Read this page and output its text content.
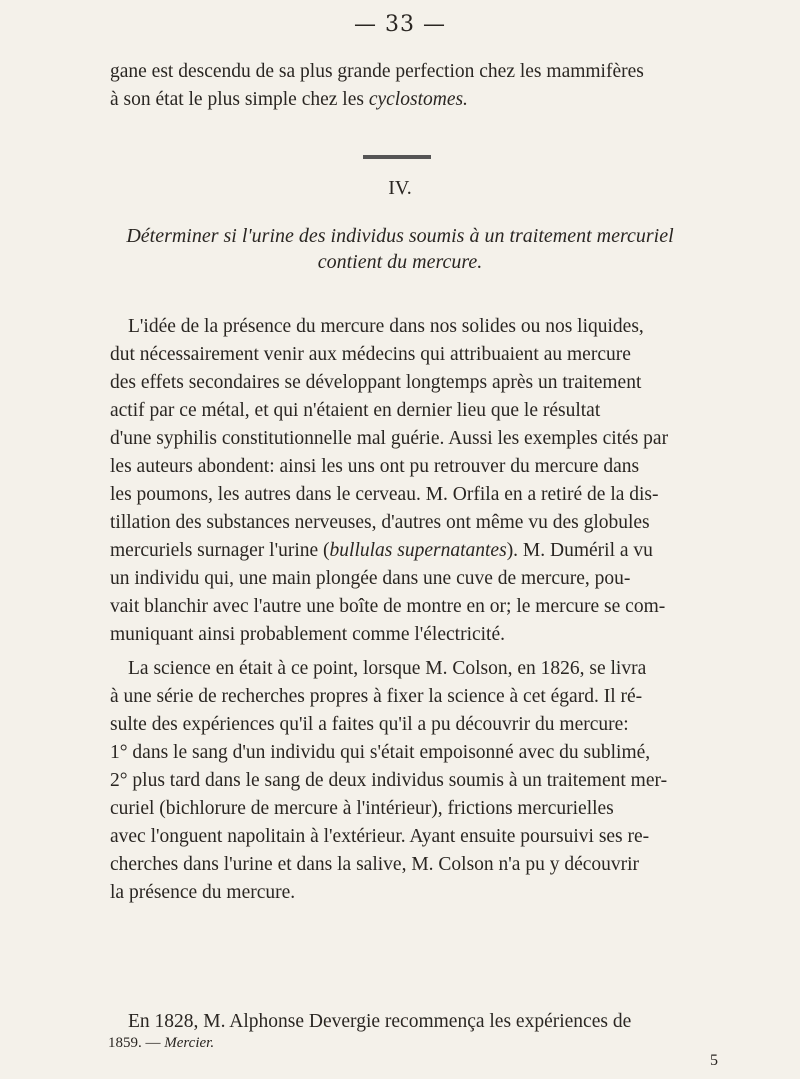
— 33 —

gane est descendu de sa plus grande perfection chez les mammifères
à son état le plus simple chez les cyclostomes.

IV.

Déterminer si l'urine des individus soumis à un traitement mercuriel

contient du mercure.

L'idée de la présence du mercure dans nos solides ou nos liquides,
dut nécessairement venir aux médecins qui attribuaient au mercure
des effets secondaires se développant longtemps après un traitement
actif par ce métal, et qui n'étaient en dernier lieu que le résultat
d'une syphilis constitutionnelle mal guérie. Aussi les exemples cités par
les auteurs abondent: ainsi les uns ont pu retrouver du mercure dans
les poumons, les autres dans le cerveau. M. Orfila en a retiré de la dis-
tillation des substances nerveuses, d'autres ont même vu des globules
mercuriels surnager l'urine (bullulas supernatantes). M. Duméril a vu
un individu qui, une main plongée dans une cuve de mercure, pou-
vait blanchir avec l'autre une boîte de montre en or; le mercure se com-
muniquant ainsi probablement comme l'électricité.

La science en était à ce point, lorsque M. Colson, en 1826, se livra
à une série de recherches propres à fixer la science à cet égard. Il ré-
sulte des expériences qu'il a faites qu'il a pu découvrir du mercure:
1° dans le sang d'un individu qui s'était empoisonné avec du sublimé,
2° plus tard dans le sang de deux individus soumis à un traitement mer-
curiel (bichlorure de mercure à l'intérieur), frictions mercurielles
avec l'onguent napolitain à l'extérieur. Ayant ensuite poursuivi ses re-
cherches dans l'urine et dans la salive, M. Colson n'a pu y découvrir
la présence du mercure.

En 1828, M. Alphonse Devergie recommença les expériences de

1859. — Mercier.
5
